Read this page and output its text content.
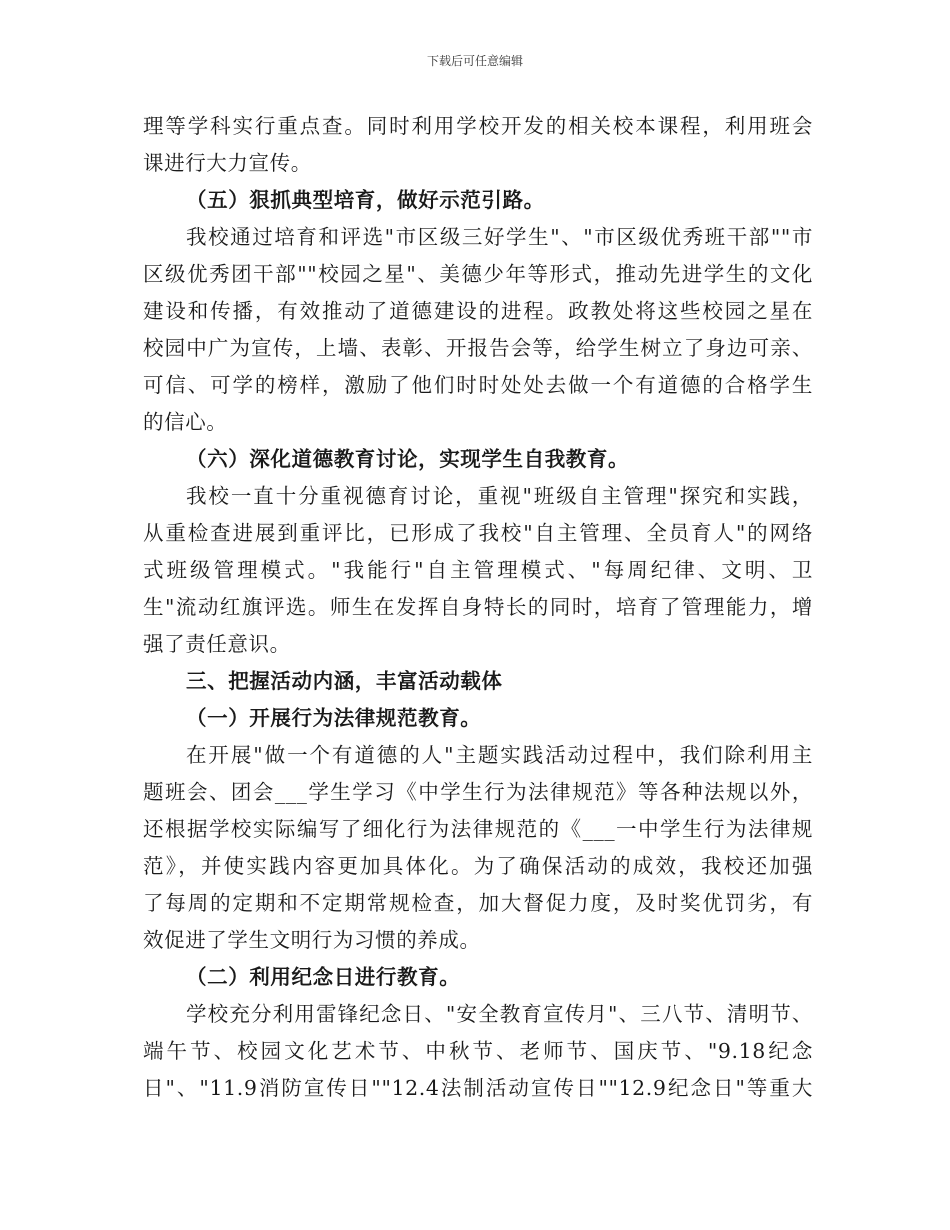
下载后可任意编辑
理等学科实行重点查。同时利用学校开发的相关校本课程，利用班会
课进行大力宣传。
（五）狠抓典型培育，做好示范引路。
我校通过培育和评选"市区级三好学生"、"市区级优秀班干部""市
区级优秀团干部""校园之星"、美德少年等形式，推动先进学生的文化
建设和传播，有效推动了道德建设的进程。政教处将这些校园之星在
校园中广为宣传，上墙、表彰、开报告会等，给学生树立了身边可亲、
可信、可学的榜样，激励了他们时时处处去做一个有道德的合格学生
的信心。
（六）深化道德教育讨论，实现学生自我教育。
我校一直十分重视德育讨论，重视"班级自主管理"探究和实践，
从重检查进展到重评比，已形成了我校"自主管理、全员育人"的网络
式班级管理模式。"我能行"自主管理模式、"每周纪律、文明、卫
生"流动红旗评选。师生在发挥自身特长的同时，培育了管理能力，增
强了责任意识。
三、把握活动内涵，丰富活动载体
（一）开展行为法律规范教育。
在开展"做一个有道德的人"主题实践活动过程中，我们除利用主
题班会、团会___学生学习《中学生行为法律规范》等各种法规以外，
还根据学校实际编写了细化行为法律规范的《___一中学生行为法律规
范》，并使实践内容更加具体化。为了确保活动的成效，我校还加强
了每周的定期和不定期常规检查，加大督促力度，及时奖优罚劣，有
效促进了学生文明行为习惯的养成。
（二）利用纪念日进行教育。
学校充分利用雷锋纪念日、"安全教育宣传月"、三八节、清明节、
端午节、校园文化艺术节、中秋节、老师节、国庆节、"9.18纪念
日"、"11.9消防宣传日""12.4法制活动宣传日""12.9纪念日"等重大
